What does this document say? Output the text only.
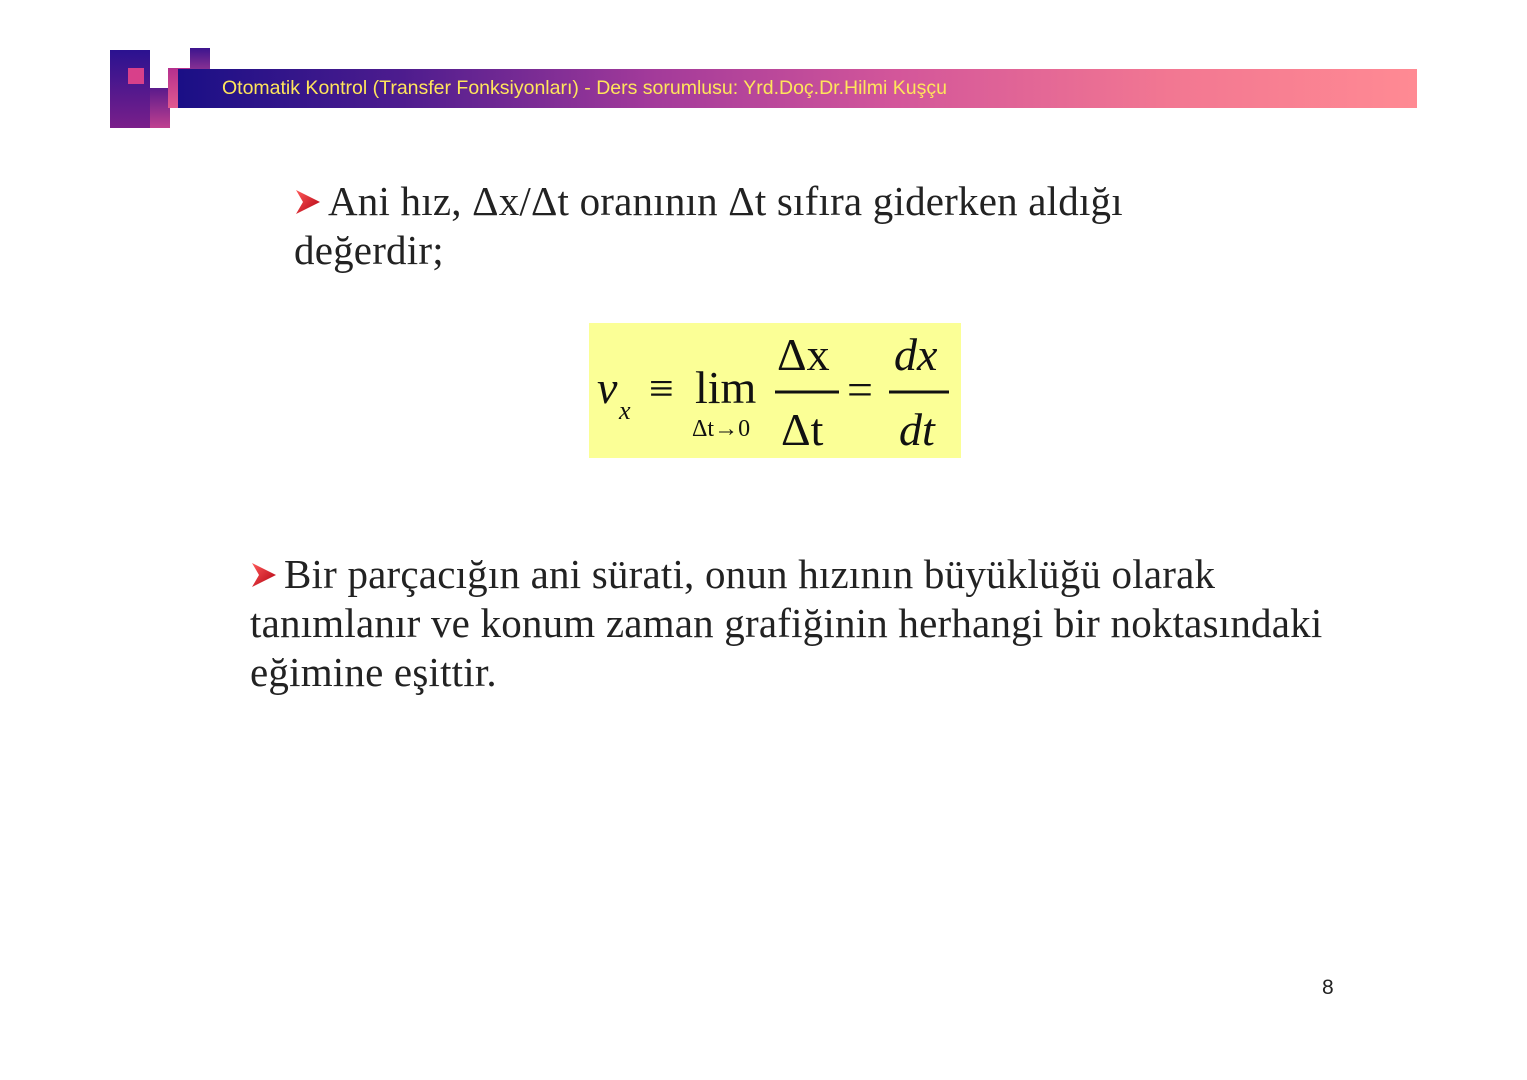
Otomatik Kontrol (Transfer Fonksiyonları) - Ders sorumlusu: Yrd.Doç.Dr.Hilmi Kuşçu
Ani hız, Δx/Δt oranının Δt sıfıra giderken aldığı değerdir;
v x ≡ lim
Δt→0
Δx
Δt
=
dx
dt
Bir parçacığın ani sürati, onun hızının büyüklüğü olarak tanımlanır ve konum zaman grafiğinin herhangi bir noktasındaki eğimine eşittir.
8
